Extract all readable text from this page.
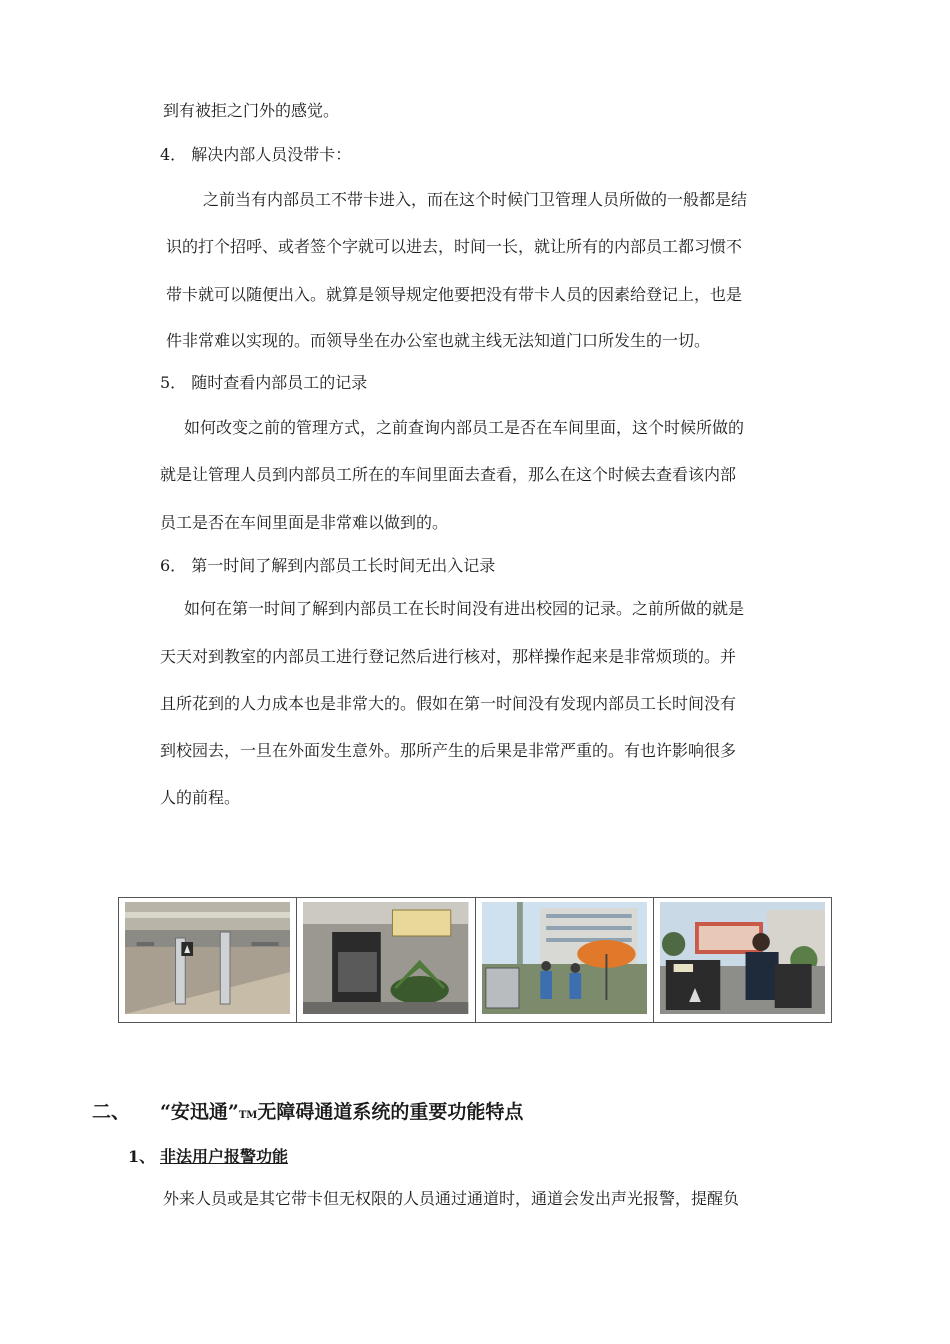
到有被拒之门外的感觉。

4． 解决内部人员没带卡：

之前当有内部员工不带卡进入，而在这个时候门卫管理人员所做的一般都是结

识的打个招呼、或者签个字就可以进去，时间一长，就让所有的内部员工都习惯不

带卡就可以随便出入。就算是领导规定他要把没有带卡人员的因素给登记上，也是

件非常难以实现的。而领导坐在办公室也就主线无法知道门口所发生的一切。

5． 随时查看内部员工的记录

如何改变之前的管理方式，之前查询内部员工是否在车间里面，这个时候所做的

就是让管理人员到内部员工所在的车间里面去查看，那么在这个时候去查看该内部

员工是否在车间里面是非常难以做到的。

6． 第一时间了解到内部员工长时间无出入记录

如何在第一时间了解到内部员工在长时间没有进出校园的记录。之前所做的就是

天天对到教室的内部员工进行登记然后进行核对，那样操作起来是非常烦琐的。并

且所花到的人力成本也是非常大的。假如在第一时间没有发现内部员工长时间没有

到校园去，一旦在外面发生意外。那所产生的后果是非常严重的。有也许影响很多

人的前程。

二、 “安迅通”TM无障碍通道系统的重要功能特点
1、 非法用户报警功能

外来人员或是其它带卡但无权限的人员通过通道时，通道会发出声光报警，提醒负
